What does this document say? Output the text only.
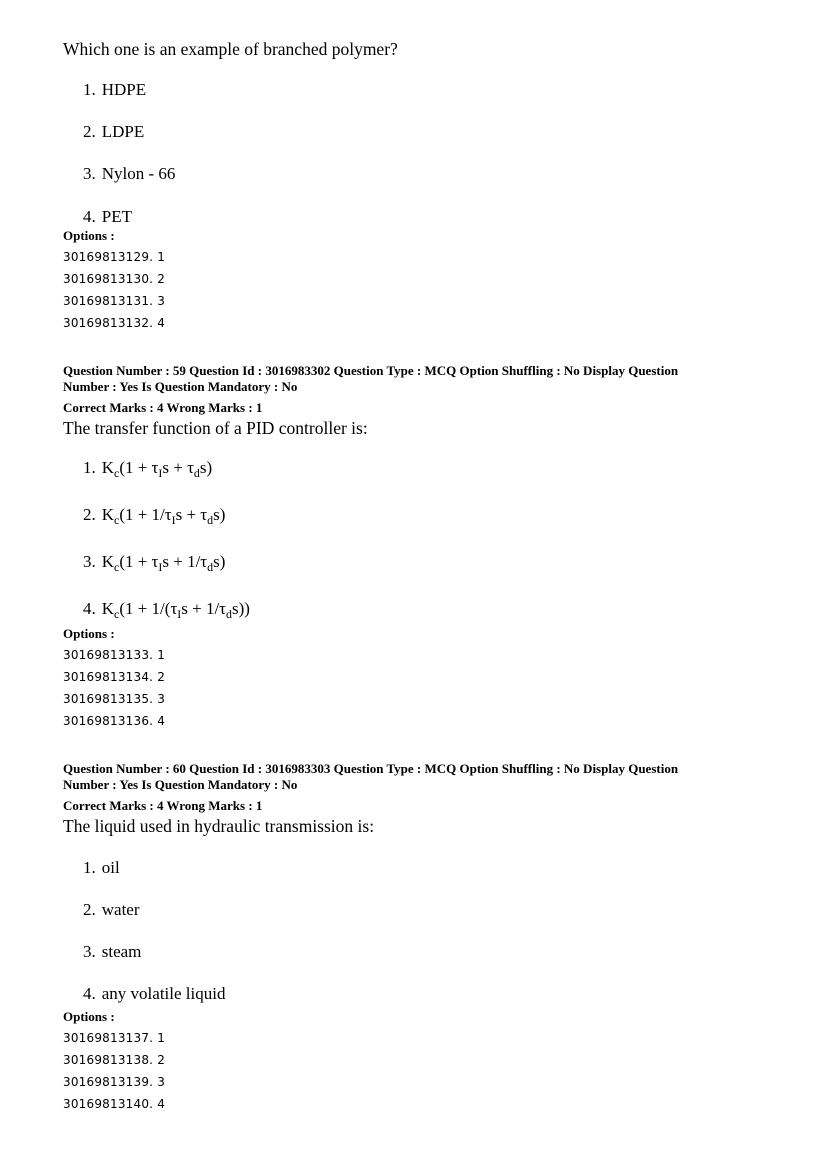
Which one is an example of branched polymer?

1. HDPE

2. LDPE

3. Nylon - 66

4. PET

Options :

30169813129. 1

30169813130. 2

30169813131. 3

30169813132. 4

Question Number : 59 Question Id : 3016983302 Question Type : MCQ Option Shuffling : No Display Question

Number : Yes Is Question Mandatory : No

Correct Marks : 4 Wrong Marks : 1

The transfer function of a PID controller is:

1. $K_c(1 + \tau_Is + \tau_ds)$

2. $K_c(1 + 1/\tau_Is + \tau_ds)$

3. $K_c(1 + \tau_Is + 1/\tau_ds)$

4. $K_c(1 + 1/(\tau_Is + 1/\tau_ds))$

Options :

30169813133. 1

30169813134. 2

30169813135. 3

30169813136. 4

Question Number : 60 Question Id : 3016983303 Question Type : MCQ Option Shuffling : No Display Question

Number : Yes Is Question Mandatory : No

Correct Marks : 4 Wrong Marks : 1

The liquid used in hydraulic transmission is:

1. oil

2. water

3. steam

4. any volatile liquid

Options :

30169813137. 1

30169813138. 2

30169813139. 3

30169813140. 4
